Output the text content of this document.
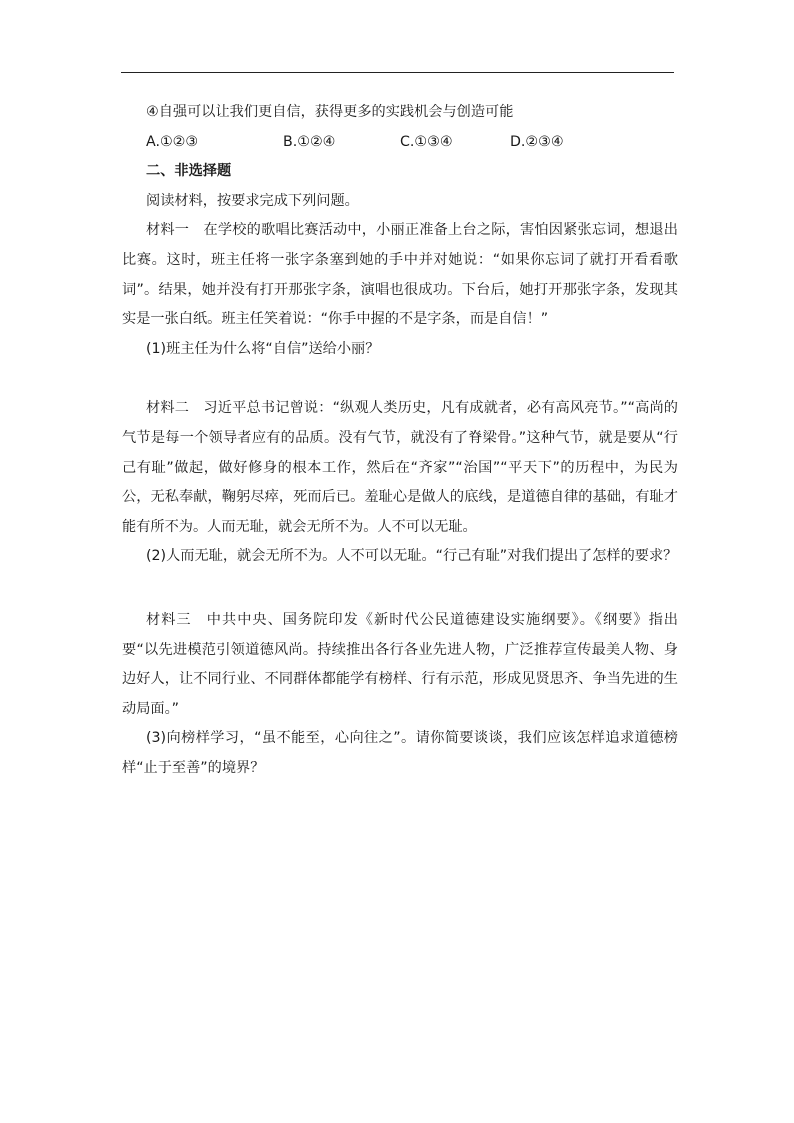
④自强可以让我们更自信，获得更多的实践机会与创造可能

A.①②③	B.①②④	C.①③④	D.②③④

二、非选择题

阅读材料，按要求完成下列问题。

材料一　在学校的歌唱比赛活动中，小丽正准备上台之际，害怕因紧张忘词，想退出比赛。这时，班主任将一张字条塞到她的手中并对她说：“如果你忘词了就打开看看歌词”。结果，她并没有打开那张字条，演唱也很成功。下台后，她打开那张字条，发现其实是一张白纸。班主任笑着说：“你手中握的不是字条，而是自信！”

(1)班主任为什么将“自信”送给小丽？

材料二　习近平总书记曾说：“纵观人类历史，凡有成就者，必有高风亮节。”“高尚的气节是每一个领导者应有的品质。没有气节，就没有了脊梁骨。”这种气节，就是要从“行己有耻”做起，做好修身的根本工作，然后在“齐家”“治国”“平天下”的历程中，为民为公，无私奉献，鞠躬尽瘁，死而后已。羞耻心是做人的底线，是道德自律的基础，有耻才能有所不为。人而无耻，就会无所不为。人不可以无耻。

(2)人而无耻，就会无所不为。人不可以无耻。“行己有耻”对我们提出了怎样的要求？

材料三　中共中央、国务院印发《新时代公民道德建设实施纲要》。《纲要》指出要“以先进模范引领道德风尚。持续推出各行各业先进人物，广泛推荐宣传最美人物、身边好人，让不同行业、不同群体都能学有榜样、行有示范，形成见贤思齐、争当先进的生动局面。”

(3)向榜样学习，“虽不能至，心向往之”。请你简要谈谈，我们应该怎样追求道德榜样“止于至善”的境界？
